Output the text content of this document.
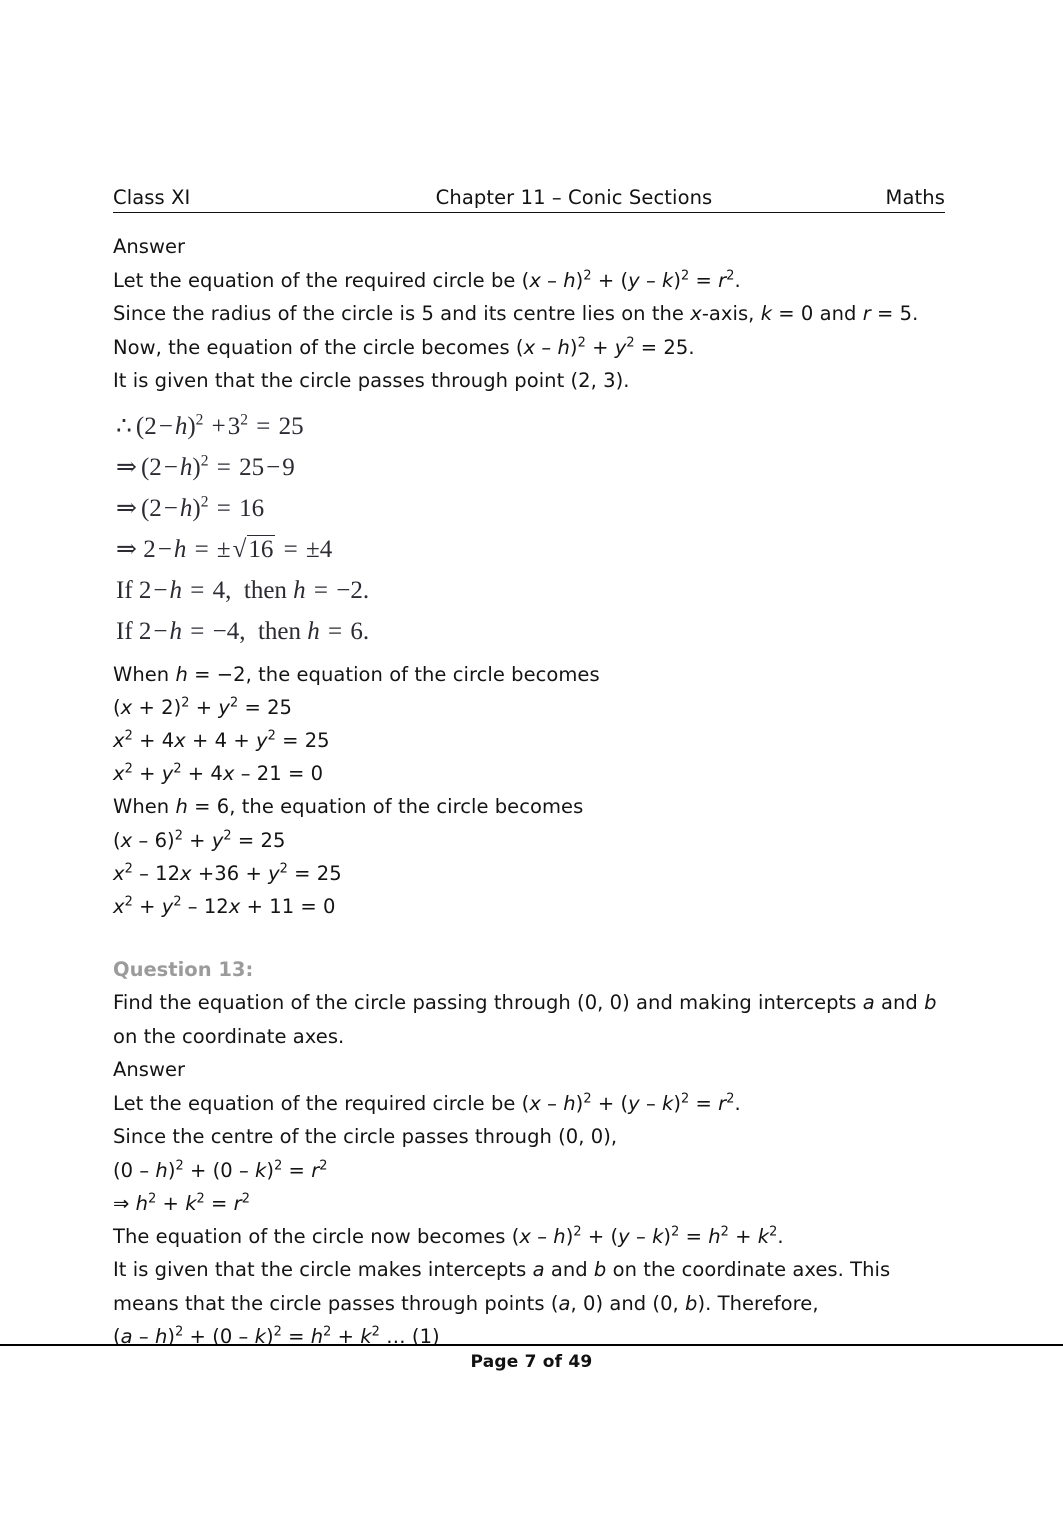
Class XI	Chapter 11 – Conic Sections	Maths

Answer

Let the equation of the required circle be $(x - h)^2 + (y - k)^2 = r^2$.

Since the radius of the circle is 5 and its centre lies on the x-axis, k = 0 and r = 5.

Now, the equation of the circle becomes $(x - h)^2 + y^2 = 25$.

It is given that the circle passes through point (2, 3).

∴ $(2-h)^2 +3^2 = 25$

⇒ $(2-h)^2 = 25-9$

⇒ $(2-h)^2 = 16$

⇒ 2−h = ±√16 = ±4

If 2−h = 4,  then h = −2.

If 2−h = −4,  then h = 6.

When h = −2, the equation of the circle becomes

$(x + 2)^2 + y^2 = 25$

$x^2 + 4x + 4 + y^2 = 25$

$x^2 + y^2 + 4x - 21 = 0$

When h = 6, the equation of the circle becomes

$(x - 6)^2 + y^2 = 25$

$x^2 - 12x +36 + y^2 = 25$

$x^2 + y^2 - 12x + 11 = 0$

Question 13:

Find the equation of the circle passing through (0, 0) and making intercepts a and b on the coordinate axes.

Answer

Let the equation of the required circle be $(x - h)^2 + (y - k)^2 = r^2$.

Since the centre of the circle passes through (0, 0),

$(0 - h)^2 + (0 - k)^2 = r^2$

⇒ $h^2 + k^2 = r^2$

The equation of the circle now becomes $(x - h)^2 + (y - k)^2 = h^2 + k^2$.

It is given that the circle makes intercepts a and b on the coordinate axes. This means that the circle passes through points (a, 0) and (0, b). Therefore,

$(a - h)^2 + (0 - k)^2 = h^2 + k^2$ … (1)

Page 7 of 49
